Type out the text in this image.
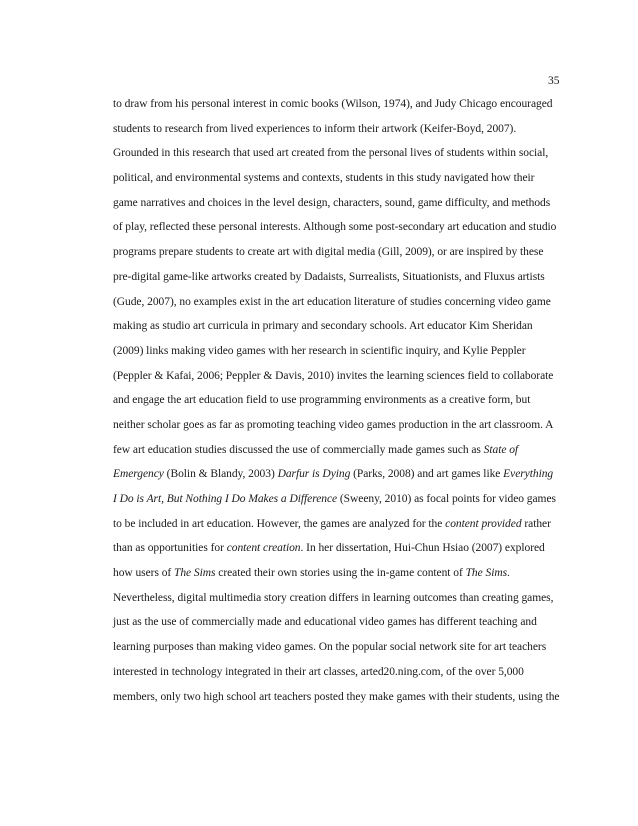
35
to draw from his personal interest in comic books (Wilson, 1974), and Judy Chicago encouraged
students to research from lived experiences to inform their artwork (Keifer-Boyd, 2007).
Grounded in this research that used art created from the personal lives of students within social,
political, and environmental systems and contexts, students in this study navigated how their
game narratives and choices in the level design, characters, sound, game difficulty, and methods
of play, reflected these personal interests. Although some post-secondary art education and studio
programs prepare students to create art with digital media (Gill, 2009), or are inspired by these
pre-digital game-like artworks created by Dadaists, Surrealists, Situationists, and Fluxus artists
(Gude, 2007), no examples exist in the art education literature of studies concerning video game
making as studio art curricula in primary and secondary schools. Art educator Kim Sheridan
(2009) links making video games with her research in scientific inquiry, and Kylie Peppler
(Peppler & Kafai, 2006; Peppler & Davis, 2010) invites the learning sciences field to collaborate
and engage the art education field to use programming environments as a creative form, but
neither scholar goes as far as promoting teaching video games production in the art classroom. A
few art education studies discussed the use of commercially made games such as State of
Emergency (Bolin & Blandy, 2003) Darfur is Dying (Parks, 2008) and art games like Everything
I Do is Art, But Nothing I Do Makes a Difference (Sweeny, 2010) as focal points for video games
to be included in art education. However, the games are analyzed for the content provided rather
than as opportunities for content creation. In her dissertation, Hui-Chun Hsiao (2007) explored
how users of The Sims created their own stories using the in-game content of The Sims.
Nevertheless, digital multimedia story creation differs in learning outcomes than creating games,
just as the use of commercially made and educational video games has different teaching and
learning purposes than making video games. On the popular social network site for art teachers
interested in technology integrated in their art classes, arted20.ning.com, of the over 5,000
members, only two high school art teachers posted they make games with their students, using the
